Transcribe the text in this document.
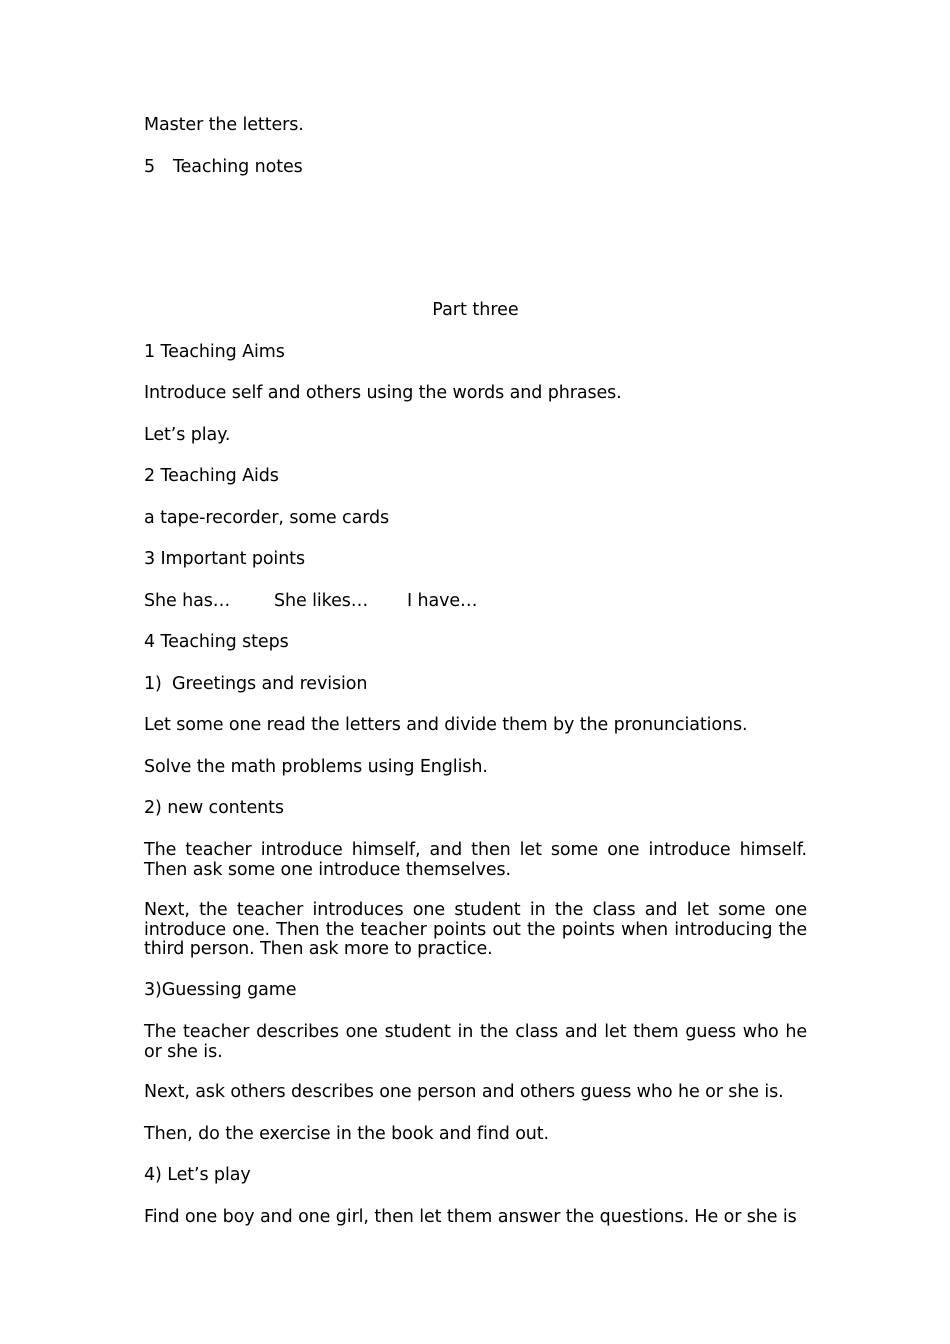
Master the letters.
5 Teaching notes
Part three
1 Teaching Aims
Introduce self and others using the words and phrases.
Let’s play.
2 Teaching Aids
a tape-recorder, some cards
3 Important points
She has…	She likes… I have…
4 Teaching steps
1) Greetings and revision
Let some one read the letters and divide them by the pronunciations.
Solve the math problems using English.
2) new contents
The teacher introduce himself, and then let some one introduce himself. Then ask some one introduce themselves.
Next, the teacher introduces one student in the class and let some one introduce one. Then the teacher points out the points when introducing the third person. Then ask more to practice.
3)Guessing game
The teacher describes one student in the class and let them guess who he or she is.
Next, ask others describes one person and others guess who he or she is.
Then, do the exercise in the book and find out.
4) Let’s play
Find one boy and one girl, then let them answer the questions. He or she is
